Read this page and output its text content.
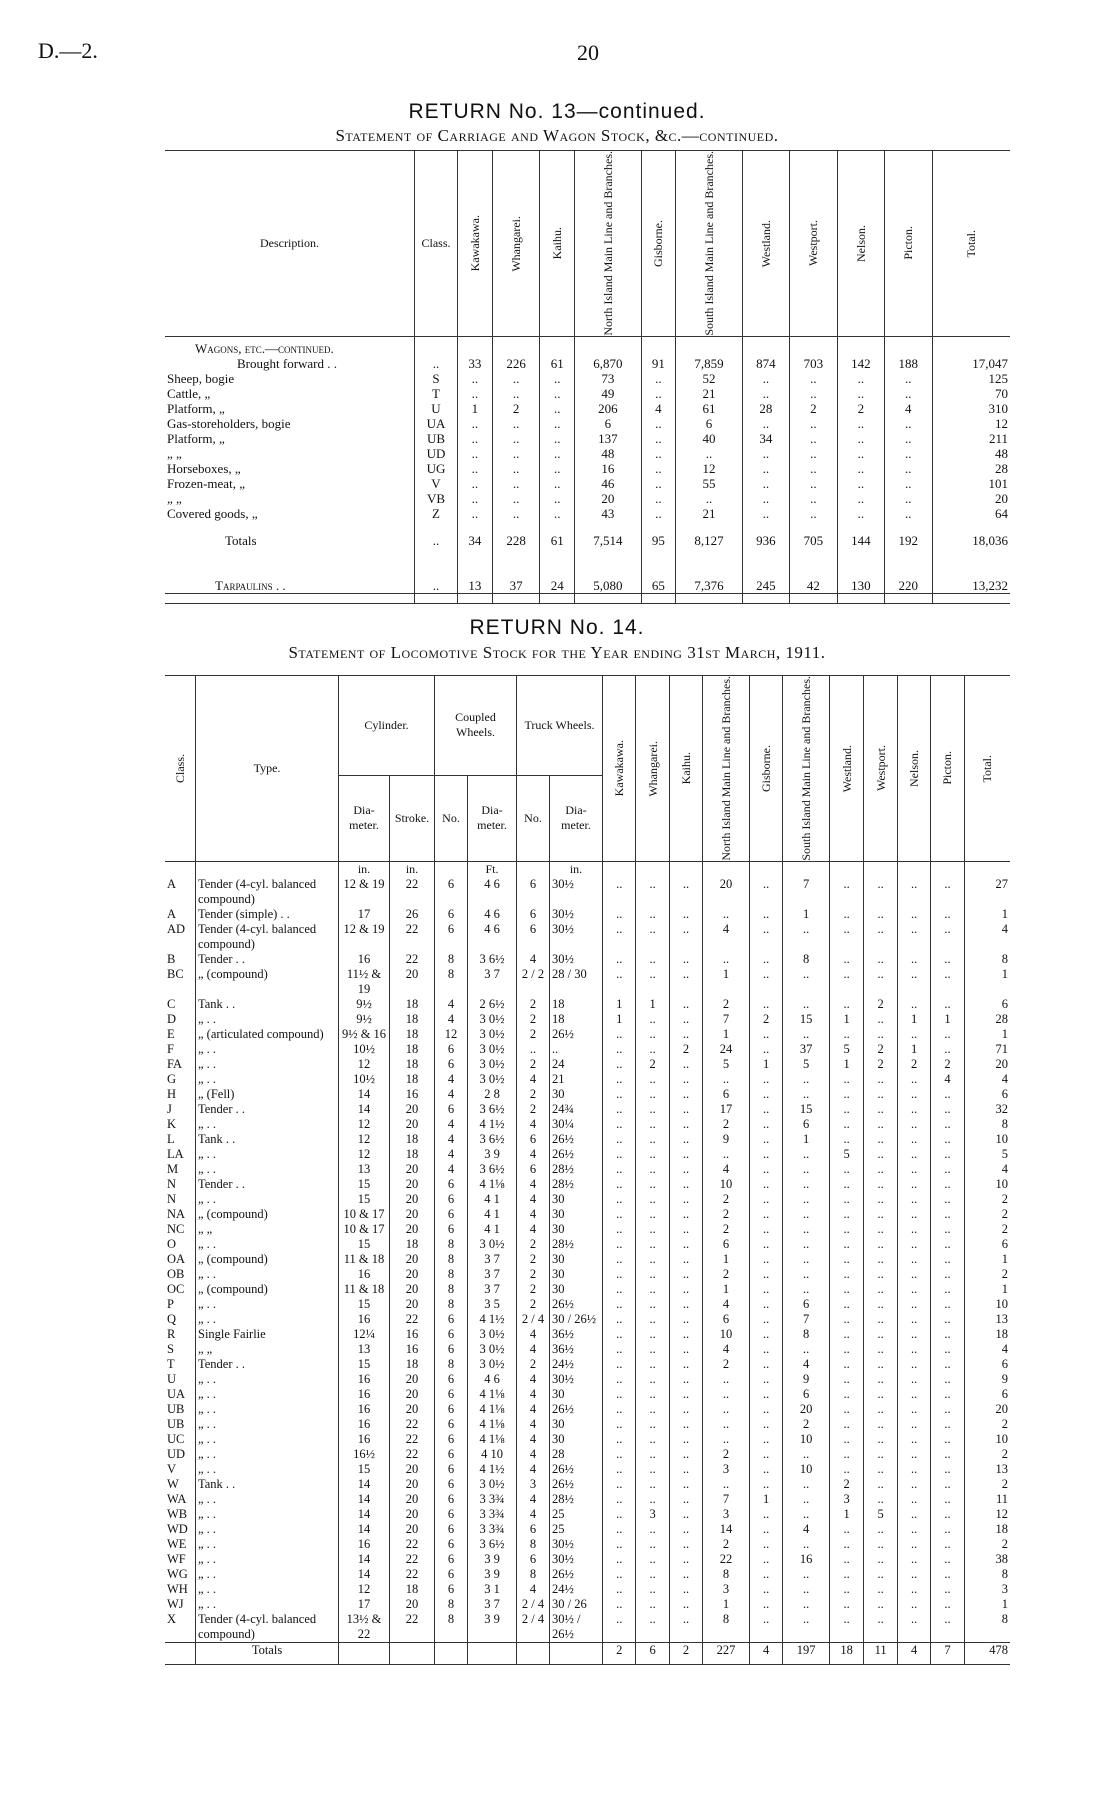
D.—2.	20
RETURN No. 13—continued.
Statement of Carriage and Wagon Stock, &c.—continued.
Description.	Class.	Kawakawa.	Whangarei.	Kaihu.	North Island Main Line and Branches.	Gisborne.	South Island Main Line and Branches.	Westland.	Westport.	Nelson.	Picton.	Total.

Wagons, etc.—continued.												
Brought forward . .	..	33	226	61	6,870	91	7,859	874	703	142	188	17,047
Sheep, bogie	S	..	..	..	73	..	52	..	..	..	..	125
Cattle, „	T	..	..	..	49	..	21	..	..	..	..	70
Platform, „	U	1	2	..	206	4	61	28	2	2	4	310
Gas-storeholders, bogie	UA	..	..	..	6	..	6	..	..	..	..	12
Platform, „	UB	..	..	..	137	..	40	34	..	..	..	211
„ „	UD	..	..	..	48	..	..	..	..	..	..	48
Horseboxes, „	UG	..	..	..	16	..	12	..	..	..	..	28
Frozen-meat, „	V	..	..	..	46	..	55	..	..	..	..	101
„ „	VB	..	..	..	20	..	..	..	..	..	..	20
Covered goods, „	Z	..	..	..	43	..	21	..	..	..	..	64

Totals	..	34	228	61	7,514	95	8,127	936	705	144	192	18,036

Tarpaulins . .	..	13	37	24	5,080	65	7,376	245	42	130	220	13,232

RETURN No. 14.
Statement of Locomotive Stock for the Year ending 31st March, 1911.
Class.	Type.	Cylinder.		Coupled Wheels.		Truck Wheels.		Kawakawa.	Whangarei.	Kaihu.	North Island Main Line and Branches.	Gisborne.	South Island Main Line and Branches.	Westland.	Westport.	Nelson.	Picton.	Total.

		Dia-meter.	Stroke.	No.	Dia-meter.	No.	Dia-meter.											
		in.	in.		Ft.		in.											
A	Tender (4-cyl. balanced compound)	12 & 19	22	6	4 6	6	30½	..	..	..	20	..	7	..	..	..	..	27
A	Tender (simple) . .	17	26	6	4 6	6	30½	..	..	..	..	..	1	..	..	..	..	1
AD	Tender (4-cyl. balanced compound)	12 & 19	22	6	4 6	6	30½	..	..	..	4	..	..	..	..	..	..	4
B	Tender . .	16	22	8	3 6½	4	30½	..	..	..	..	..	8	..	..	..	..	8
BC	„ (compound)	11½ & 19	20	8	3 7	2 / 2	28 / 30	..	..	..	1	..	..	..	..	..	..	1
C	Tank . .	9½	18	4	2 6½	2	18	1	1	..	2	..	..	..	2	..	..	6
D	„ . .	9½	18	4	3 0½	2	18	1	..	..	7	2	15	1	..	1	1	28
E	„ (articulated compound)	9½ & 16	18	12	3 0½	2	26½	..	..	..	1	..	..	..	..	..	..	1
F	„ . .	10½	18	6	3 0½	..	..	..	..	2	24	..	37	5	2	1	..	71
FA	„ . .	12	18	6	3 0½	2	24	..	2	..	5	1	5	1	2	2	2	20
G	„ . .	10½	18	4	3 0½	4	21	..	..	..	..	..	..	..	..	..	4	4
H	„ (Fell)	14	16	4	2 8	2	30	..	..	..	6	..	..	..	..	..	..	6
J	Tender . .	14	20	6	3 6½	2	24¾	..	..	..	17	..	15	..	..	..	..	32
K	„ . .	12	20	4	4 1½	4	30¼	..	..	..	2	..	6	..	..	..	..	8
L	Tank . .	12	18	4	3 6½	6	26½	..	..	..	9	..	1	..	..	..	..	10
LA	„ . .	12	18	4	3 9	4	26½	..	..	..	..	..	..	5	..	..	..	5
M	„ . .	13	20	4	3 6½	6	28½	..	..	..	4	..	..	..	..	..	..	4
N	Tender . .	15	20	6	4 1⅛	4	28½	..	..	..	10	..	..	..	..	..	..	10
N	„ . .	15	20	6	4 1	4	30	..	..	..	2	..	..	..	..	..	..	2
NA	„ (compound)	10 & 17	20	6	4 1	4	30	..	..	..	2	..	..	..	..	..	..	2
NC	„ „	10 & 17	20	6	4 1	4	30	..	..	..	2	..	..	..	..	..	..	2
O	„ . .	15	18	8	3 0½	2	28½	..	..	..	6	..	..	..	..	..	..	6
OA	„ (compound)	11 & 18	20	8	3 7	2	30	..	..	..	1	..	..	..	..	..	..	1
OB	„ . .	16	20	8	3 7	2	30	..	..	..	2	..	..	..	..	..	..	2
OC	„ (compound)	11 & 18	20	8	3 7	2	30	..	..	..	1	..	..	..	..	..	..	1
P	„ . .	15	20	8	3 5	2	26½	..	..	..	4	..	6	..	..	..	..	10
Q	„ . .	16	22	6	4 1½	2 / 4	30 / 26½	..	..	..	6	..	7	..	..	..	..	13
R	Single Fairlie	12¼	16	6	3 0½	4	36½	..	..	..	10	..	8	..	..	..	..	18
S	„ „	13	16	6	3 0½	4	36½	..	..	..	4	..	..	..	..	..	..	4
T	Tender . .	15	18	8	3 0½	2	24½	..	..	..	2	..	4	..	..	..	..	6
U	„ . .	16	20	6	4 6	4	30½	..	..	..	..	..	9	..	..	..	..	9
UA	„ . .	16	20	6	4 1⅛	4	30	..	..	..	..	..	6	..	..	..	..	6
UB	„ . .	16	20	6	4 1⅛	4	26½	..	..	..	..	..	20	..	..	..	..	20
UB	„ . .	16	22	6	4 1⅛	4	30	..	..	..	..	..	2	..	..	..	..	2
UC	„ . .	16	22	6	4 1⅛	4	30	..	..	..	..	..	10	..	..	..	..	10
UD	„ . .	16½	22	6	4 10	4	28	..	..	..	2	..	..	..	..	..	..	2
V	„ . .	15	20	6	4 1½	4	26½	..	..	..	3	..	10	..	..	..	..	13
W	Tank . .	14	20	6	3 0½	3	26½	..	..	..	..	..	..	2	..	..	..	2
WA	„ . .	14	20	6	3 3¾	4	28½	..	..	..	7	1	..	3	..	..	..	11
WB	„ . .	14	20	6	3 3¾	4	25	..	3	..	3	..	..	1	5	..	..	12
WD	„ . .	14	20	6	3 3¾	6	25	..	..	..	14	..	4	..	..	..	..	18
WE	„ . .	16	22	6	3 6½	8	30½	..	..	..	2	..	..	..	..	..	..	2
WF	„ . .	14	22	6	3 9	6	30½	..	..	..	22	..	16	..	..	..	..	38
WG	„ . .	14	22	6	3 9	8	26½	..	..	..	8	..	..	..	..	..	..	8
WH	„ . .	12	18	6	3 1	4	24½	..	..	..	3	..	..	..	..	..	..	3
WJ	„ . .	17	20	8	3 7	2 / 4	30 / 26	..	..	..	1	..	..	..	..	..	..	1
X	Tender (4-cyl. balanced compound)	13½ & 22	22	8	3 9	2 / 4	30½ / 26½	..	..	..	8	..	..	..	..	..	..	8
	Totals							2	6	2	227	4	197	18	11	4	7	478
